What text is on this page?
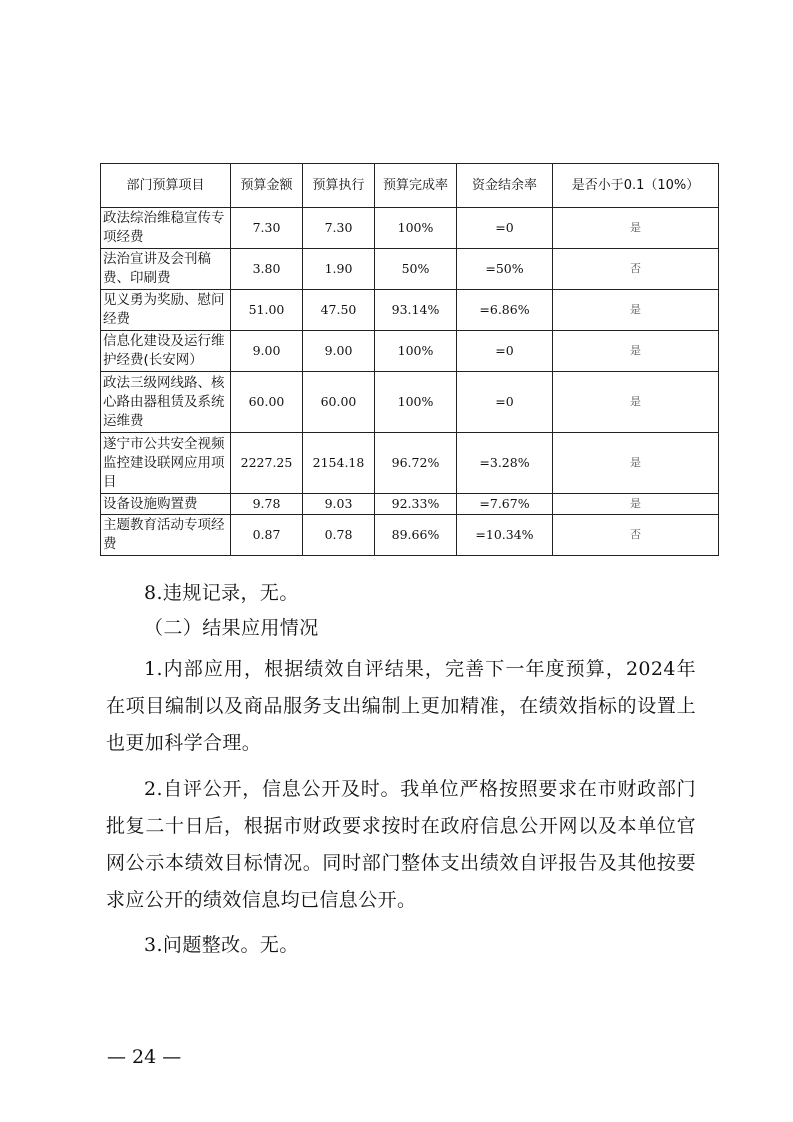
部门预算项目	预算金额	预算执行	预算完成率	资金结余率	是否小于0.1（10%）
政法综治维稳宣传专项经费	7.30	7.30	100%	=0	是
法治宣讲及会刊稿费、印刷费	3.80	1.90	50%	=50%	否
见义勇为奖励、慰问经费	51.00	47.50	93.14%	=6.86%	是
信息化建设及运行维护经费(长安网）	9.00	9.00	100%	=0	是
政法三级网线路、核心路由器租赁及系统运维费	60.00	60.00	100%	=0	是
遂宁市公共安全视频监控建设联网应用项目	2227.25	2154.18	96.72%	=3.28%	是
设备设施购置费	9.78	9.03	92.33%	=7.67%	是
主题教育活动专项经费	0.87	0.78	89.66%	=10.34%	否

8.违规记录，无。

（二）结果应用情况

1.内部应用，根据绩效自评结果，完善下一年度预算，2024年在项目编制以及商品服务支出编制上更加精准，在绩效指标的设置上也更加科学合理。

2.自评公开，信息公开及时。我单位严格按照要求在市财政部门批复二十日后，根据市财政要求按时在政府信息公开网以及本单位官网公示本绩效目标情况。同时部门整体支出绩效自评报告及其他按要求应公开的绩效信息均已信息公开。

3.问题整改。无。

— 24 —
